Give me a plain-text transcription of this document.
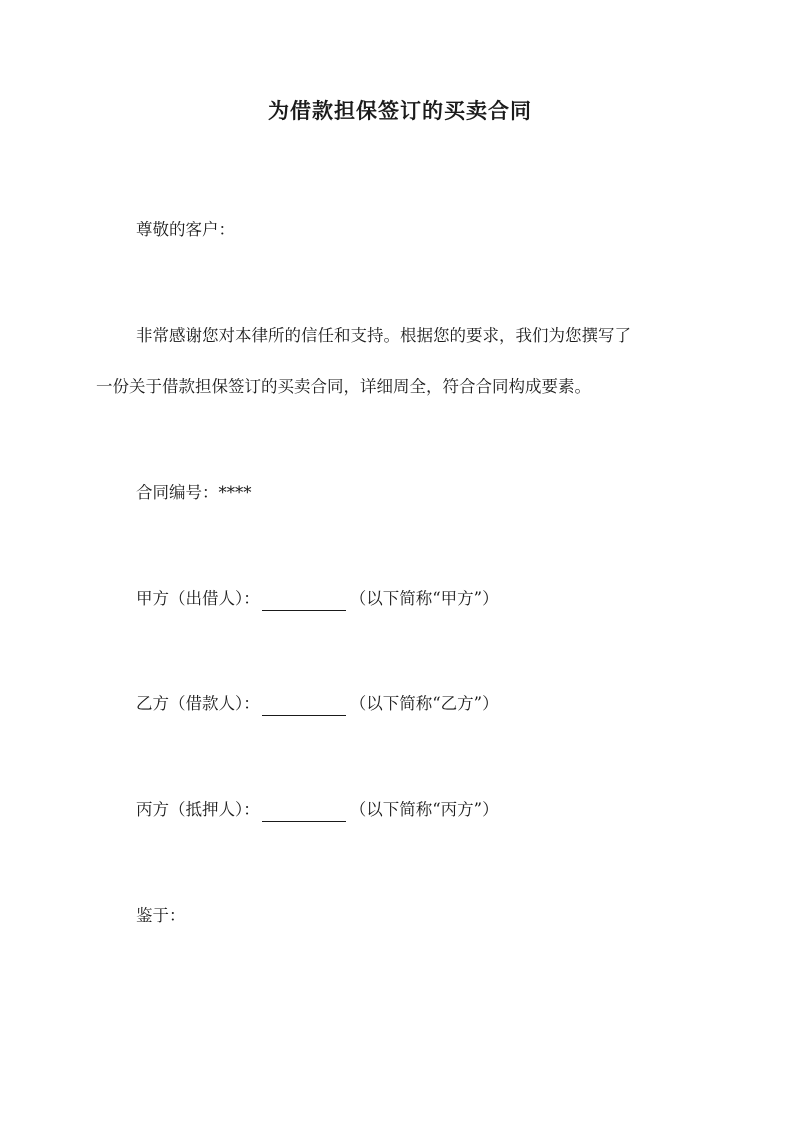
为借款担保签订的买卖合同
尊敬的客户：
非常感谢您对本律所的信任和支持。根据您的要求，我们为您撰写了
一份关于借款担保签订的买卖合同，详细周全，符合合同构成要素。
合同编号：****
甲方（出借人）：	（以下简称“甲方”）
乙方（借款人）：	（以下简称“乙方”）
丙方（抵押人）：	（以下简称“丙方”）
鉴于：
